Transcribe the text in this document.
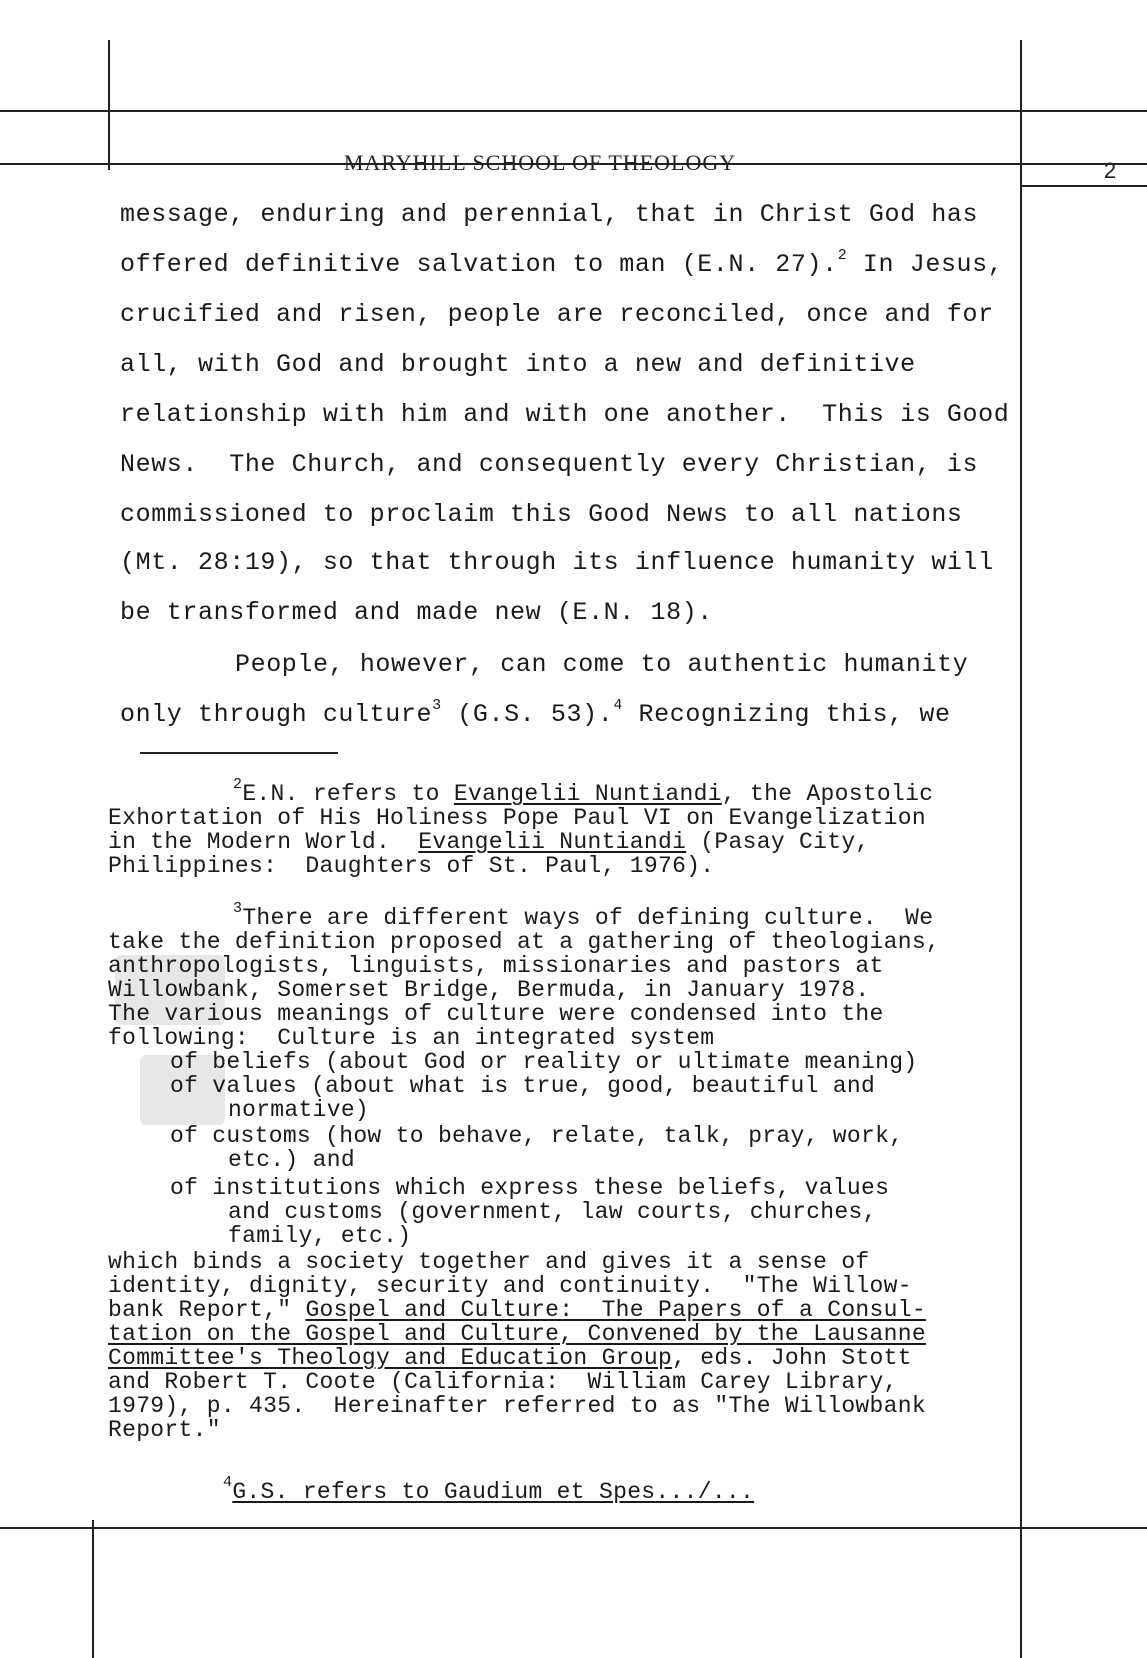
MARYHILL SCHOOL OF THEOLOGY	2
message, enduring and perennial, that in Christ God has
offered definitive salvation to man (E.N. 27).$^2$ In Jesus,
crucified and risen, people are reconciled, once and for
all, with God and brought into a new and definitive
relationship with him and with one another.  This is Good
News.  The Church, and consequently every Christian, is
commissioned to proclaim this Good News to all nations
(Mt. 28:19), so that through its influence humanity will
be transformed and made new (E.N. 18).
People, however, can come to authentic humanity
only through culture$^3$ (G.S. 53).$^4$ Recognizing this, we
$^2$E.N. refers to Evangelii Nuntiandi, the Apostolic
Exhortation of His Holiness Pope Paul VI on Evangelization
in the Modern World.  Evangelii Nuntiandi (Pasay City,
Philippines:  Daughters of St. Paul, 1976).
$^3$There are different ways of defining culture.  We
take the definition proposed at a gathering of theologians,
anthropologists, linguists, missionaries and pastors at
Willowbank, Somerset Bridge, Bermuda, in January 1978.
The various meanings of culture were condensed into the
following:  Culture is an integrated system
of beliefs (about God or reality or ultimate meaning)
of values (about what is true, good, beautiful and
normative)
of customs (how to behave, relate, talk, pray, work,
etc.) and
of institutions which express these beliefs, values
and customs (government, law courts, churches,
family, etc.)
which binds a society together and gives it a sense of
identity, dignity, security and continuity.  "The Willow-
bank Report," Gospel and Culture:  The Papers of a Consul-
tation on the Gospel and Culture, Convened by the Lausanne
Committee's Theology and Education Group, eds. John Stott
and Robert T. Coote (California:  William Carey Library,
1979), p. 435.  Hereinafter referred to as "The Willowbank
Report."
$^4$G.S. refers to Gaudium et Spes.../...
